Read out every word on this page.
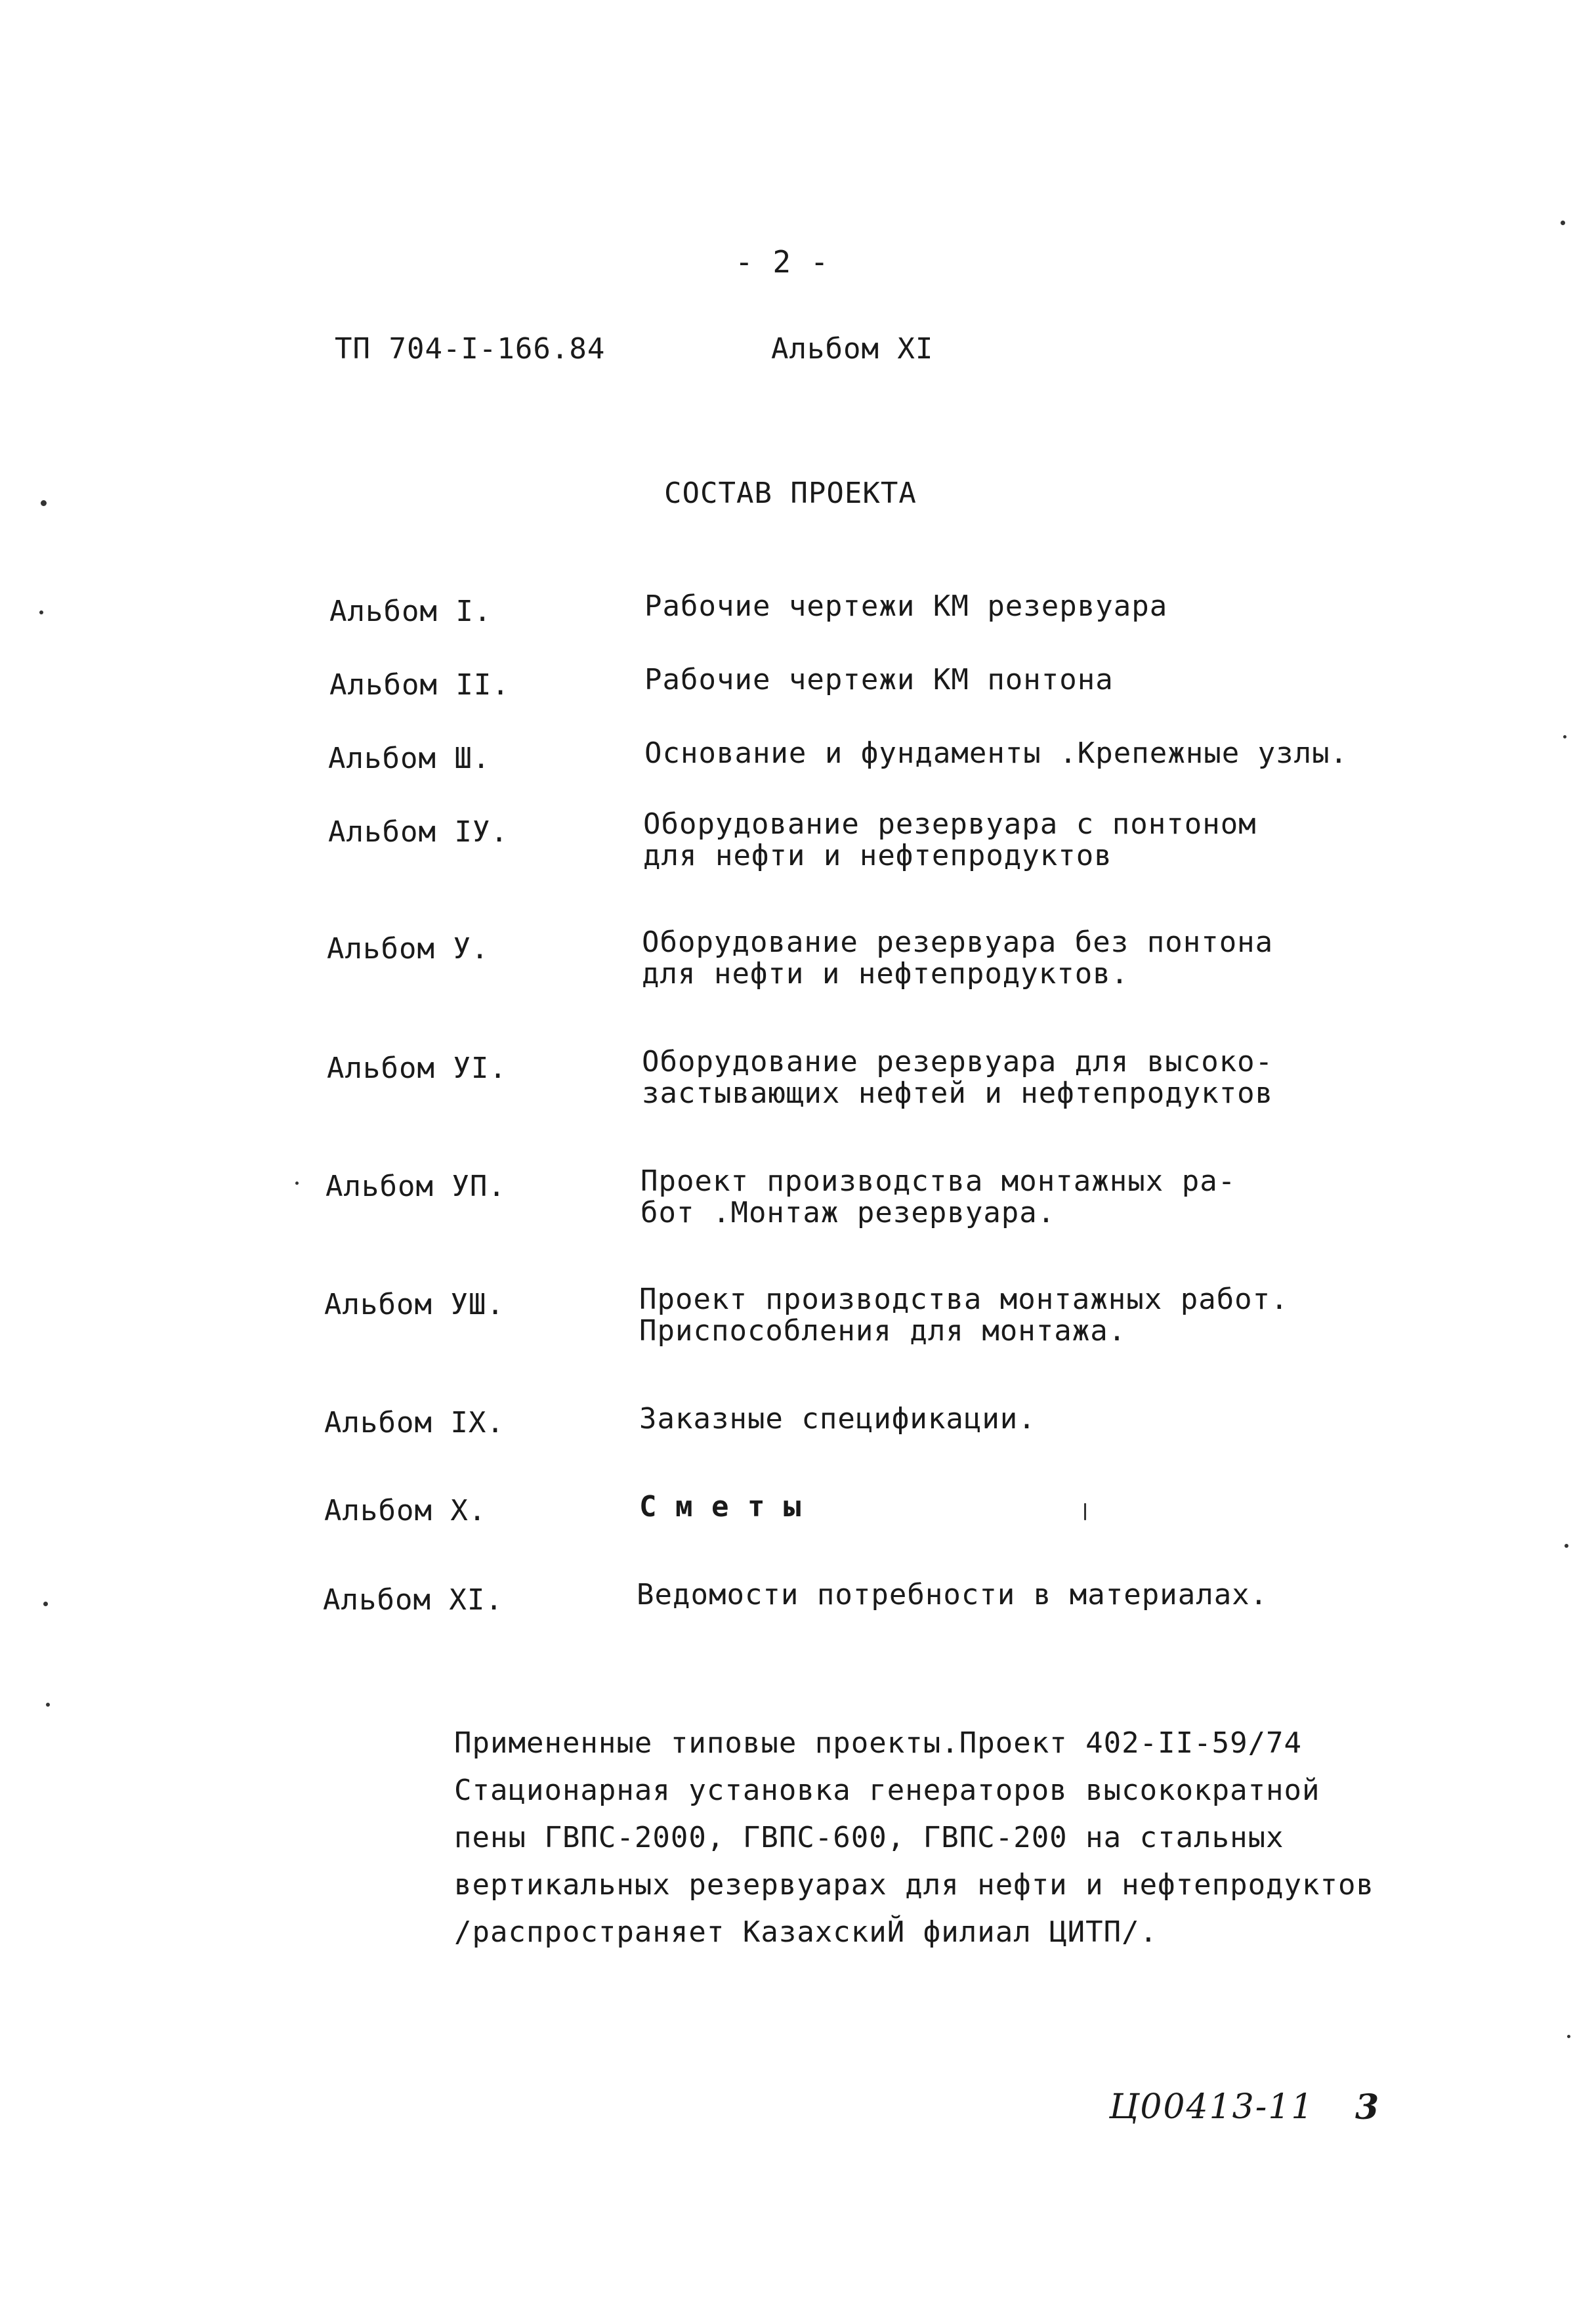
- 2 -
ТП 704-I-166.84	Альбом XI
СОСТАВ ПРОЕКТА
Альбом I.	Рабочие чертежи КМ резервуара
Альбом II.	Рабочие чертежи КМ понтона
Альбом Ш.	Основание и фундаменты .Крепежные узлы.
Альбом IУ.	Оборудование резервуара с понтоном
для нефти и нефтепродуктов
Альбом У.	Оборудование резервуара без понтона
для нефти и нефтепродуктов.
Альбом УI.	Оборудование резервуара для высоко-
застывающих нефтей и нефтепродуктов
Альбом УП.	Проект производства монтажных ра-
бот .Монтаж резервуара.
Альбом УШ.	Проект производства монтажных работ.
Приспособления для монтажа.
Альбом IX.	Заказные спецификации.
Альбом X.	С м е т ы
Альбом XI.	Ведомости потребности в материалах.
Примененные типовые проекты.Проект 402-II-59/74
Стационарная установка генераторов высокократной
пены ГВПС-2000, ГВПС-600, ГВПС-200 на стальных
вертикальных резервуарах для нефти и нефтепродуктов
/распространяет КазахскиЙ филиал ЦИТП/.
Ц00413-11 3
